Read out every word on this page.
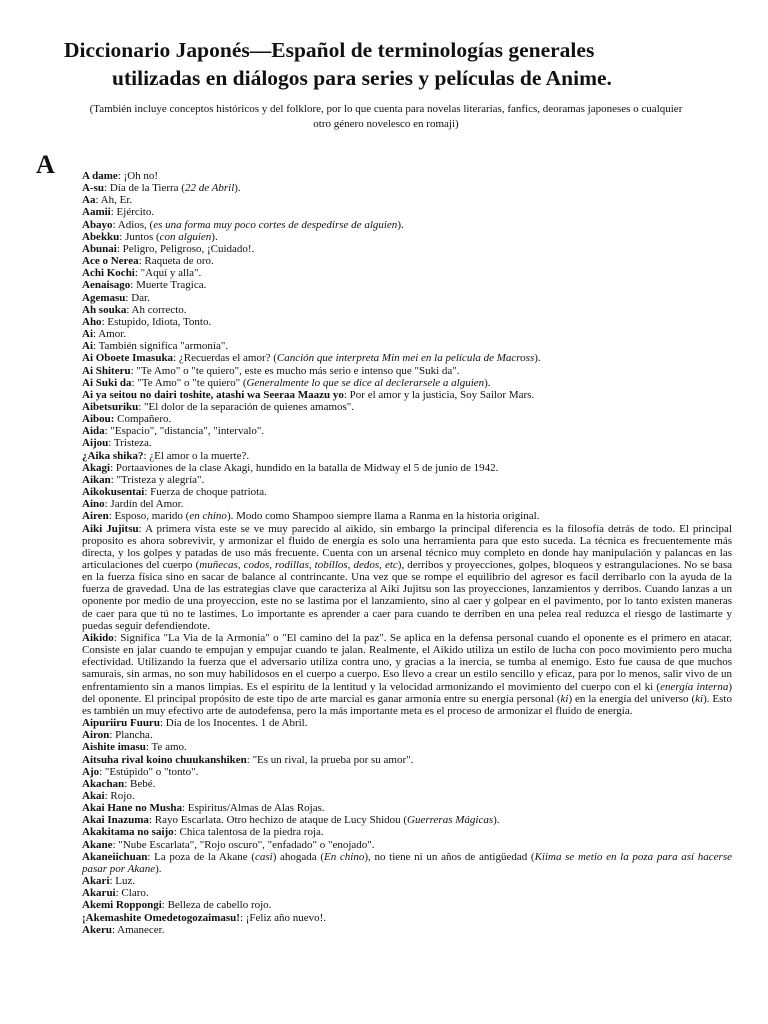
Diccionario Japonés—Español de terminologías generales
utilizadas en diálogos para series y películas de Anime.
(También incluye conceptos históricos y del folklore, por lo que cuenta para novelas literarias, fanfics, deoramas japoneses o cualquier otro género novelesco en romaji)
A A dame: ¡Oh no!

A-su: Día de la Tierra (22 de Abril).

Aa: Ah, Er.

Aamii: Ejército.

Abayo: Adios, (es una forma muy poco cortes de despedirse de alguien).

Abekku: Juntos (con alguien).

Abunai: Peligro, Peligroso, ¡Cuidado!.

Ace o Nerea: Raqueta de oro.

Achi Kochi: "Aquí y alla".

Aenaisago: Muerte Tragica.

Agemasu: Dar.

Ah souka: Ah correcto.

Aho: Estupido, Idiota, Tonto.

Ai: Amor.

Ai: También significa "armonía".

Ai Oboete Imasuka: ¿Recuerdas el amor? (Canción que interpreta Min mei en la película de Macross).

Ai Shiteru: "Te Amo" o "te quiero", este es mucho más serio e intenso que "Suki da".

Ai Suki da: "Te Amo" o "te quiero" (Generalmente lo que se dice al declerarsele a alguien).

Ai ya seitou no dairi toshite, atashi wa Seeraa Maazu yo: Por el amor y la justicia, Soy Sailor Mars.

Aibetsuriku: "El dolor de la separación de quienes amamos".

Aibou: Compañero.

Aida: "Espacio", "distancia", "intervalo".

Aijou: Tristeza.

¿Aika shika?: ¿El amor o la muerte?.

Akagi: Portaaviones de la clase Akagi, hundido en la batalla de Midway el 5 de junio de 1942.

Aikan: "Tristeza y alegría".

Aikokusentai: Fuerza de choque patriota.

Aino: Jardín del Amor.

Airen: Esposo, marido (en chino). Modo como Shampoo siempre llama a Ranma en la historia original.

Aiki Jujitsu: A primera vista este se ve muy parecido al aikido, sin embargo la principal diferencia es la filosofía detrás de todo. El principal proposito es ahora sobrevivir, y armonizar el fluido de energía es solo una herramienta para que esto suceda. La técnica es frecuentemente más directa, y los golpes y patadas de uso más frecuente. Cuenta con un arsenal técnico muy completo en donde hay manipulación y palancas en las articulaciones del cuerpo (muñecas, codos, rodillas, tobillos, dedos, etc), derribos y proyecciones, golpes, bloqueos y estrangulaciones. No se basa en la fuerza física sino en sacar de balance al contrincante. Una vez que se rompe el equilibrio del agresor es facil derribarlo con la ayuda de la fuerza de gravedad. Una de las estrategias clave que caracteriza al Aiki Jujitsu son las proyecciones, lanzamientos y derribos. Cuando lanzas a un oponente por medio de una proyeccion, este no se lastima por el lanzamiento, sino al caer y golpear en el pavimento, por lo tanto existen maneras de caer para que tú no te lastimes. Lo importante es aprender a caer para cuando te derriben en una pelea real reduzca el riesgo de lastimarte y puedas seguir defendiendote.

Aikido: Significa "La Via de la Armonia" o "El camino del la paz". Se aplica en la defensa personal cuando el oponente es el primero en atacar. Consiste en jalar cuando te empujan y empujar cuando te jalan. Realmente, el Aikido utiliza un estilo de lucha con poco movimiento pero mucha efectividad. Utilizando la fuerza que el adversario utiliza contra uno, y gracias a la inercia, se tumba al enemigo. Esto fue causa de que muchos samurais, sin armas, no son muy habilidosos en el cuerpo a cuerpo. Eso llevo a crear un estilo sencillo y eficaz, para por lo menos, salir vivo de un enfrentamiento sin a manos limpias. Es el espíritu de la lentitud y la velocidad armonizando el movimiento del cuerpo con el ki (energía interna) del oponente. El principal propósito de este tipo de arte marcial es ganar armonía entre su energía personal (ki) en la energía del universo (ki). Esto es también un muy efectivo arte de autodefensa, pero la más importante meta es el proceso de armonizar el fluido de energía.

Aipuriiru Fuuru: Día de los Inocentes. 1 de Abril.

Airon: Plancha.

Aishite imasu: Te amo.

Aitsuha rival koino chuukanshiken: "Es un rival, la prueba por su amor".

Ajo: "Estúpido" o "tonto".

Akachan: Bebé.

Akai: Rojo.

Akai Hane no Musha: Espiritus/Almas de Alas Rojas.

Akai Inazuma: Rayo Escarlata. Otro hechizo de ataque de Lucy Shidou (Guerreras Mágicas).

Akakitama no saijo: Chica talentosa de la piedra roja.

Akane: "Nube Escarlata", "Rojo oscuro", "enfadado" o "enojado".

Akaneiichuan: La poza de la Akane (casi) ahogada (En chino), no tiene ni un años de antigüedad (Kiima se metio en la poza para así hacerse pasar por Akane).

Akari: Luz.

Akarui: Claro.

Akemi Roppongi: Belleza de cabello rojo.

¡Akemashite Omedetogozaimasu!: ¡Feliz año nuevo!.

Akeru: Amanecer.
